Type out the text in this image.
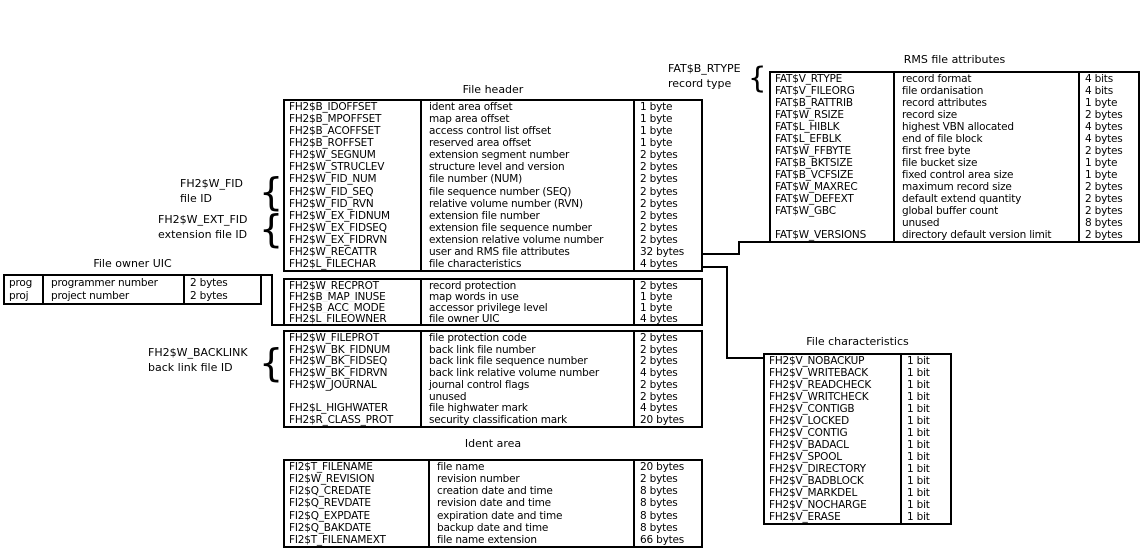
File header
Ident area
RMS file attributes
File characteristics
File owner UIC
FH2$B_IDOFFSET	ident area offset	1 byte
FH2$B_MPOFFSET	map area offset	1 byte
FH2$B_ACOFFSET	access control list offset	1 byte
FH2$B_ROFFSET	reserved area offset	1 byte
FH2$W_SEGNUM	extension segment number	2 bytes
FH2$W_STRUCLEV	structure level and version	2 bytes
FH2$W_FID_NUM	file number (NUM)	2 bytes
FH2$W_FID_SEQ	file sequence number (SEQ)	2 bytes
FH2$W_FID_RVN	relative volume number (RVN)	2 bytes
FH2$W_EX_FIDNUM	extension file number	2 bytes
FH2$W_EX_FIDSEQ	extension file sequence number	2 bytes
FH2$W_EX_FIDRVN	extension relative volume number	2 bytes
FH2$W_RECATTR	user and RMS file attributes	32 bytes
FH2$L_FILECHAR	file characteristics	4 bytes
FH2$W_RECPROT	record protection	2 bytes
FH2$B_MAP_INUSE	map words in use	1 byte
FH2$B_ACC_MODE	accessor privilege level	1 byte
FH2$L_FILEOWNER	file owner UIC	4 bytes
FH2$W_FILEPROT	file protection code	2 bytes
FH2$W_BK_FIDNUM	back link file number	2 bytes
FH2$W_BK_FIDSEQ	back link file sequence number	2 bytes
FH2$W_BK_FIDRVN	back link relative volume number	4 bytes
FH2$W_JOURNAL	journal control flags	2 bytes
unused	2 bytes
FH2$L_HIGHWATER	file highwater mark	4 bytes
FH2$R_CLASS_PROT	security classification mark	20 bytes
FI2$T_FILENAME	file name	20 bytes
FI2$W_REVISION	revision number	2 bytes
FI2$Q_CREDATE	creation date and time	8 bytes
FI2$Q_REVDATE	revision date and time	8 bytes
FI2$Q_EXPDATE	expiration date and time	8 bytes
FI2$Q_BAKDATE	backup date and time	8 bytes
FI2$T_FILENAMEXT	file name extension	66 bytes
FAT$V_RTYPE	record format	4 bits
FAT$V_FILEORG	file ordanisation	4 bits
FAT$B_RATTRIB	record attributes	1 byte
FAT$W_RSIZE	record size	2 bytes
FAT$L_HIBLK	highest VBN allocated	4 bytes
FAT$L_EFBLK	end of file block	4 bytes
FAT$W_FFBYTE	first free byte	2 bytes
FAT$B_BKTSIZE	file bucket size	1 byte
FAT$B_VCFSIZE	fixed control area size	1 byte
FAT$W_MAXREC	maximum record size	2 bytes
FAT$W_DEFEXT	default extend quantity	2 bytes
FAT$W_GBC	global buffer count	2 bytes
unused	8 bytes
FAT$W_VERSIONS	directory default version limit	2 bytes
FH2$V_NOBACKUP	1 bit
FH2$V_WRITEBACK	1 bit
FH2$V_READCHECK	1 bit
FH2$V_WRITCHECK	1 bit
FH2$V_CONTIGB	1 bit
FH2$V_LOCKED	1 bit
FH2$V_CONTIG	1 bit
FH2$V_BADACL	1 bit
FH2$V_SPOOL	1 bit
FH2$V_DIRECTORY	1 bit
FH2$V_BADBLOCK	1 bit
FH2$V_MARKDEL	1 bit
FH2$V_NOCHARGE	1 bit
FH2$V_ERASE	1 bit
prog	programmer number	2 bytes
proj	project number	2 bytes
FH2$W_FID
file ID
FH2$W_EXT_FID
extension file ID
FH2$W_BACKLINK
back link file ID
FAT$B_RTYPE
record type
{
{
{
{
